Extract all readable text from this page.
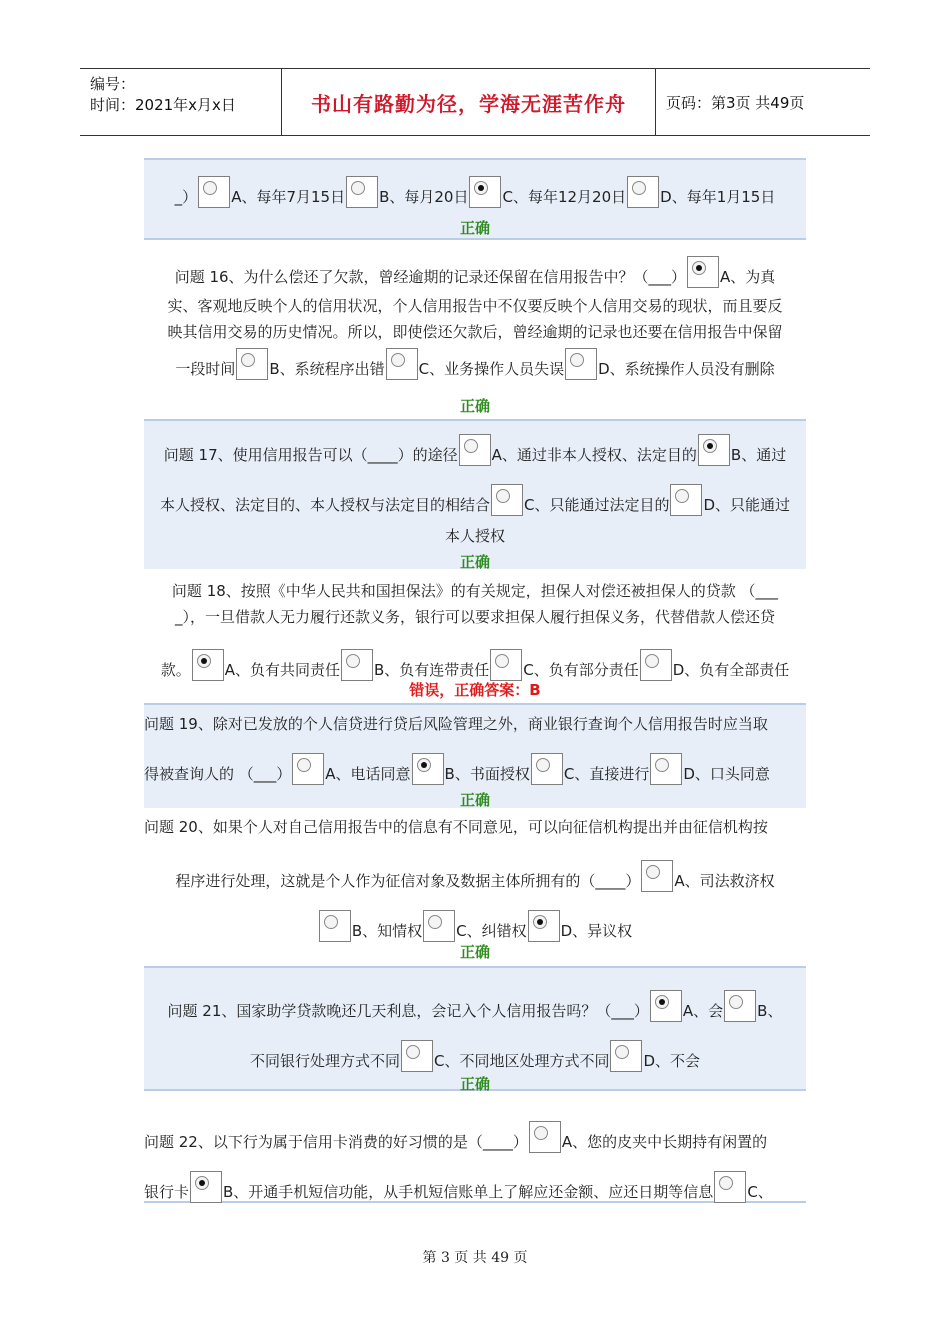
编号：
时间：2021年x月x日	书山有路勤为径，学海无涯苦作舟	页码：第3页 共49页
_） A、每年7月15日 B、每月20日 C、每年12月20日 D、每年1月15日
正确
问题 16、为什么偿还了欠款，曾经逾期的记录还保留在信用报告中？（___） A、为真
实、客观地反映个人的信用状况，个人信用报告中不仅要反映个人信用交易的现状，而且要反
映其信用交易的历史情况。所以，即使偿还欠款后，曾经逾期的记录也还要在信用报告中保留
一段时间 B、系统程序出错 C、业务操作人员失误 D、系统操作人员没有删除
正确
问题 17、使用信用报告可以（____）的途径 A、通过非本人授权、法定目的 B、通过
本人授权、法定目的、本人授权与法定目的相结合 C、只能通过法定目的 D、只能通过
本人授权
正确
问题 18、按照《中华人民共和国担保法》的有关规定，担保人对偿还被担保人的贷款 （___
_），一旦借款人无力履行还款义务，银行可以要求担保人履行担保义务，代替借款人偿还贷
款。 A、负有共同责任 B、负有连带责任 C、负有部分责任 D、负有全部责任
错误，正确答案：B
问题 19、除对已发放的个人信贷进行贷后风险管理之外，商业银行查询个人信用报告时应当取
得被查询人的 （___） A、电话同意 B、书面授权 C、直接进行 D、口头同意
正确
问题 20、如果个人对自己信用报告中的信息有不同意见，可以向征信机构提出并由征信机构按
程序进行处理，这就是个人作为征信对象及数据主体所拥有的（____） A、司法救济权
B、知情权 C、纠错权 D、异议权
正确
问题 21、国家助学贷款晚还几天利息，会记入个人信用报告吗？（___） A、会 B、
不同银行处理方式不同 C、不同地区处理方式不同 D、不会
正确
问题 22、以下行为属于信用卡消费的好习惯的是（____） A、您的皮夹中长期持有闲置的
银行卡 B、开通手机短信功能，从手机短信账单上了解应还金额、应还日期等信息 C、
第 3 页 共 49 页
